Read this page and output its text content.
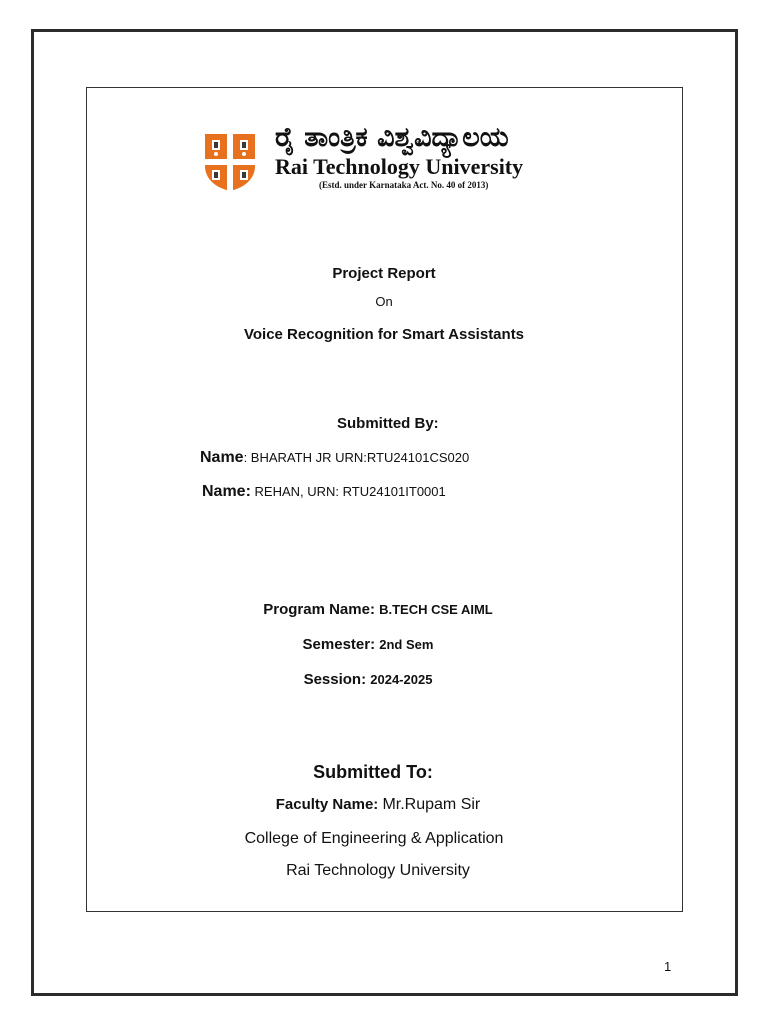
ರೈ ತಾಂತ್ರಿಕ ವಿಶ್ವವಿದ್ಯಾಲಯ
Rai Technology University
(Estd. under Karnataka Act. No. 40 of 2013)
Project Report
On
Voice Recognition for Smart Assistants
Submitted By:
Name: BHARATH JR URN:RTU24101CS020
Name: REHAN, URN: RTU24101IT0001
Program Name: B.TECH CSE AIML
Semester: 2nd Sem
Session: 2024-2025
Submitted To:
Faculty Name: Mr.Rupam Sir
College of Engineering & Application
Rai Technology University
1
